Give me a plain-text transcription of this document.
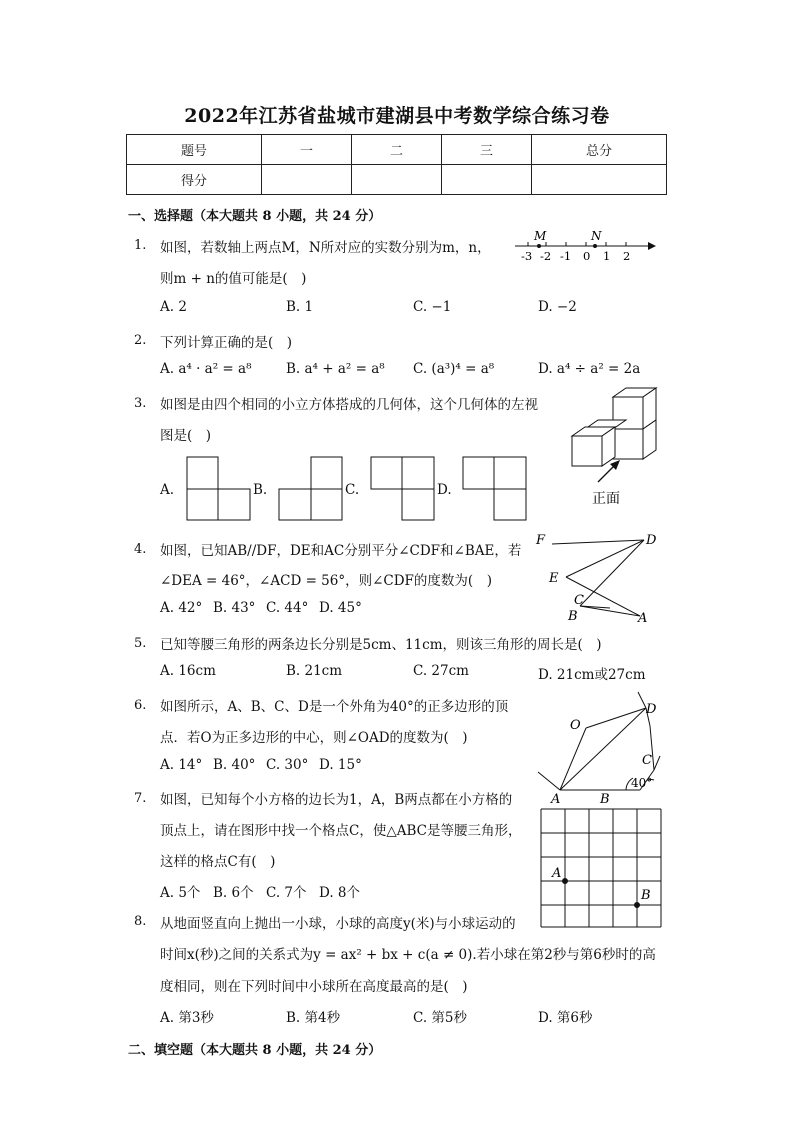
2022年江苏省盐城市建湖县中考数学综合练习卷
题号	一	二	三	总分
得分				
一、选择题（本大题共 8 小题，共 24 分）
1. 如图，若数轴上两点M，N所对应的实数分别为m，n，
则m + n的值可能是(　)
A. 2	B. 1	C. −1	D. −2
M	N
-3 -2 -1 0 1 2
2. 下列计算正确的是(　)
A. a⁴ · a² = a⁸	B. a⁴ + a² = a⁸ C. (a³)⁴ = a⁸	D. a⁴ ÷ a² = 2a
3. 如图是由四个相同的小立方体搭成的几何体，这个几何体的左视
图是(　)
A.	B.	C.	D.
正面
4. 如图，已知AB//DF，DE和AC分别平分∠CDF和∠BAE，若
∠DEA = 46°，∠ACD = 56°，则∠CDF的度数为(　)
A. 42° B. 43° C. 44° D. 45°
F	D
E
C
B	A
5. 已知等腰三角形的两条边长分别是5cm、11cm，则该三角形的周长是(　)
A. 16cm	B. 21cm	C. 27cm	D. 21cm或27cm
6. 如图所示，A、B、C、D是一个外角为40°的正多边形的顶
点．若O为正多边形的中心，则∠OAD的度数为(　)
A. 14° B. 40° C. 30° D. 15°
O
D
C
A	B
40°
7. 如图，已知每个小方格的边长为1，A，B两点都在小方格的
顶点上，请在图形中找一个格点C，使△ABC是等腰三角形，
这样的格点C有(　)
A. 5个 B. 6个 C. 7个 D. 8个
A
B
8. 从地面竖直向上抛出一小球，小球的高度y(米)与小球运动的
时间x(秒)之间的关系式为y = ax² + bx + c(a ≠ 0).若小球在第2秒与第6秒时的高
度相同，则在下列时间中小球所在高度最高的是(　)
A. 第3秒	B. 第4秒	C. 第5秒	D. 第6秒
二、填空题（本大题共 8 小题，共 24 分）
